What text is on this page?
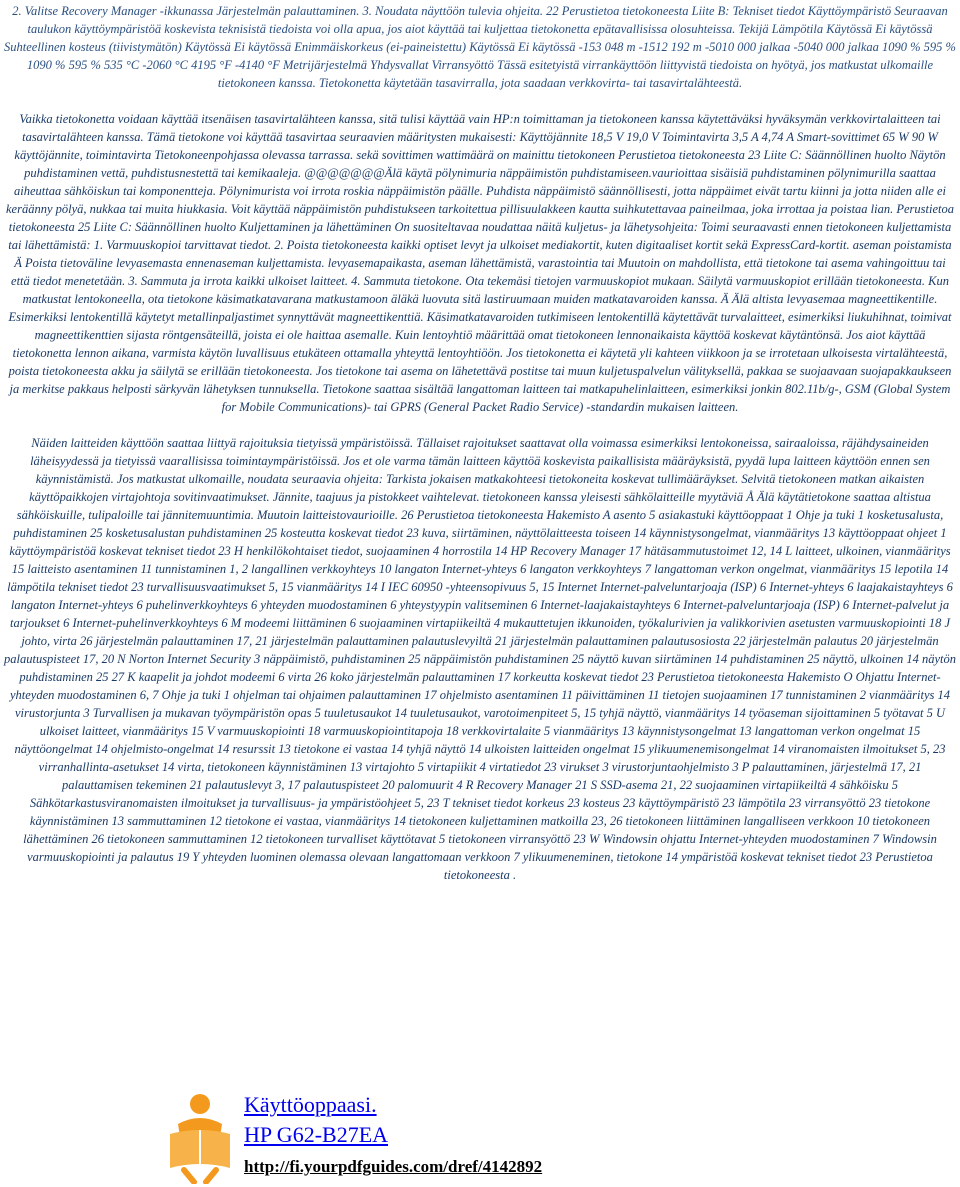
2. Valitse Recovery Manager -ikkunassa Järjestelmän palauttaminen. 3. Noudata näyttöön tulevia ohjeita. 22 Perustietoa tietokoneesta Liite B: Tekniset tiedot Käyttöympäristö Seuraavan taulukon käyttöympäristöä koskevista teknisistä tiedoista voi olla apua, jos aiot käyttää tai kuljettaa tietokonetta epätavallisissa olosuhteissa. Tekijä Lämpötila Käytössä Ei käytössä Suhteellinen kosteus (tiivistymätön) Käytössä Ei käytössä Enimmäiskorkeus (ei-paineistettu) Käytössä Ei käytössä -153 048 m -1512 192 m -5010 000 jalkaa -5040 000 jalkaa 1090 % 595 % 1090 % 595 % 535 °C -2060 °C 4195 °F -4140 °F Metrijärjestelmä Yhdysvallat Virransyöttö Tässä esitetyistä virrankäyttöön liittyvistä tiedoista on hyötyä, jos matkustat ulkomaille tietokoneen kanssa. Tietokonetta käytetään tasavirralla, jota saadaan verkkovirta- tai tasavirtalähteestä.

Vaikka tietokonetta voidaan käyttää itsenäisen tasavirtalähteen kanssa, sitä tulisi käyttää vain HP:n toimittaman ja tietokoneen kanssa käytettäväksi hyväksymän verkkovirtalaitteen tai tasavirtalähteen kanssa. Tämä tietokone voi käyttää tasavirtaa seuraavien määritysten mukaisesti: Käyttöjännite 18,5 V 19,0 V Toimintavirta 3,5 A 4,74 A Smart-sovittimet 65 W 90 W käyttöjännite, toimintavirta Tietokoneenpohjassa olevassa tarrassa. sekä sovittimen wattimäärä on mainittu tietokoneen Perustietoa tietokoneesta 23 Liite C: Säännöllinen huolto Näytön puhdistaminen vettä, puhdistusnestettä tai kemikaaleja. @@@@@@@Älä käytä pölynimuria näppäimistön puhdistamiseen.vaurioittaa sisäisiä puhdistaminen pölynimurilla saattaa aiheuttaa sähköiskun tai komponentteja. Pölynimurista voi irrota roskia näppäimistön päälle. Puhdista näppäimistö säännöllisesti, jotta näppäimet eivät tartu kiinni ja jotta niiden alle ei keräänny pölyä, nukkaa tai muita hiukkasia. Voit käyttää näppäimistön puhdistukseen tarkoitettua pillisuulakkeen kautta suihkutettavaa paineilmaa, joka irrottaa ja poistaa lian. Perustietoa tietokoneesta 25 Liite C: Säännöllinen huolto Kuljettaminen ja lähettäminen On suositeltavaa noudattaa näitä kuljetus- ja lähetysohjeita: Toimi seuraavasti ennen tietokoneen kuljettamista tai lähettämistä: 1. Varmuuskopioi tarvittavat tiedot. 2. Poista tietokoneesta kaikki optiset levyt ja ulkoiset mediakortit, kuten digitaaliset kortit sekä ExpressCard-kortit. aseman poistamista Ä Poista tietoväline levyasemasta ennenaseman kuljettamista. levyasemapaikasta, aseman lähettämistä, varastointia tai Muutoin on mahdollista, että tietokone tai asema vahingoittuu tai että tiedot menetetään. 3. Sammuta ja irrota kaikki ulkoiset laitteet. 4. Sammuta tietokone. Ota tekemäsi tietojen varmuuskopiot mukaan. Säilytä varmuuskopiot erillään tietokoneesta. Kun matkustat lentokoneella, ota tietokone käsimatkatavarana matkustamoon äläkä luovuta sitä lastiruumaan muiden matkatavaroiden kanssa. Ä Älä altista levyasemaa magneettikentille. Esimerkiksi lentokentillä käytetyt metallinpaljastimet synnyttävät magneettikenttiä. Käsimatkatavaroiden tutkimiseen lentokentillä käytettävät turvalaitteet, esimerkiksi liukuhihnat, toimivat magneettikenttien sijasta röntgensäteillä, joista ei ole haittaa asemalle. Kuin lentoyhtiö määrittää omat tietokoneen lennonaikaista käyttöä koskevat käytäntönsä. Jos aiot käyttää tietokonetta lennon aikana, varmista käytön luvallisuus etukäteen ottamalla yhteyttä lentoyhtiöön. Jos tietokonetta ei käytetä yli kahteen viikkoon ja se irrotetaan ulkoisesta virtalähteestä, poista tietokoneesta akku ja säilytä se erillään tietokoneesta. Jos tietokone tai asema on lähetettävä postitse tai muun kuljetuspalvelun välityksellä, pakkaa se suojaavaan suojapakkaukseen ja merkitse pakkaus helposti särkyvän lähetyksen tunnuksella. Tietokone saattaa sisältää langattoman laitteen tai matkapuhelinlaitteen, esimerkiksi jonkin 802.11b/g-, GSM (Global System for Mobile Communications)- tai GPRS (General Packet Radio Service) -standardin mukaisen laitteen.

Näiden laitteiden käyttöön saattaa liittyä rajoituksia tietyissä ympäristöissä. Tällaiset rajoitukset saattavat olla voimassa esimerkiksi lentokoneissa, sairaaloissa, räjähdysaineiden läheisyydessä ja tietyissä vaarallisissa toimintaympäristöissä. Jos et ole varma tämän laitteen käyttöä koskevista paikallisista määräyksistä, pyydä lupa laitteen käyttöön ennen sen käynnistämistä. Jos matkustat ulkomaille, noudata seuraavia ohjeita: Tarkista jokaisen matkakohteesi tietokoneita koskevat tullimääräykset. Selvitä tietokoneen matkan aikaisten käyttöpaikkojen virtajohtoja sovitinvaatimukset. Jännite, taajuus ja pistokkeet vaihtelevat. tietokoneen kanssa yleisesti sähkölaitteille myytäviä Å Älä käytätietokone saattaa altistua sähköiskuille, tulipaloille tai jännitemuuntimia. Muutoin laitteistovaurioille. 26 Perustietoa tietokoneesta Hakemisto A asento 5 asiakastuki käyttöoppaat 1 Ohje ja tuki 1 kosketusalusta, puhdistaminen 25 kosketusalustan puhdistaminen 25 kosteutta koskevat tiedot 23 kuva, siirtäminen, näyttölaitteesta toiseen 14 käynnistysongelmat, vianmääritys 13 käyttöoppaat ohjeet 1 käyttöympäristöä koskevat tekniset tiedot 23 H henkilökohtaiset tiedot, suojaaminen 4 horrostila 14 HP Recovery Manager 17 hätäsammutustoimet 12, 14 L laitteet, ulkoinen, vianmääritys 15 laitteisto asentaminen 11 tunnistaminen 1, 2 langallinen verkkoyhteys 10 langaton Internet-yhteys 6 langaton verkkoyhteys 7 langattoman verkon ongelmat, vianmääritys 15 lepotila 14 lämpötila tekniset tiedot 23 turvallisuusvaatimukset 5, 15 vianmääritys 14 I IEC 60950 -yhteensopivuus 5, 15 Internet Internet-palveluntarjoaja (ISP) 6 Internet-yhteys 6 laajakaistayhteys 6 langaton Internet-yhteys 6 puhelinverkkoyhteys 6 yhteyden muodostaminen 6 yhteystyypin valitseminen 6 Internet-laajakaistayhteys 6 Internet-palveluntarjoaja (ISP) 6 Internet-palvelut ja tarjoukset 6 Internet-puhelinverkkoyhteys 6 M modeemi liittäminen 6 suojaaminen virtapiikeiltä 4 mukauttetujen ikkunoiden, työkalurivien ja valikkorivien asetusten varmuuskopiointi 18 J johto, virta 26 järjestelmän palauttaminen 17, 21 järjestelmän palauttaminen palautuslevyiltä 21 järjestelmän palauttaminen palautusosiosta 22 järjestelmän palautus 20 järjestelmän palautuspisteet 17, 20 N Norton Internet Security 3 näppäimistö, puhdistaminen 25 näppäimistön puhdistaminen 25 näyttö kuvan siirtäminen 14 puhdistaminen 25 näyttö, ulkoinen 14 näytön puhdistaminen 25 27 K kaapelit ja johdot modeemi 6 virta 26 koko järjestelmän palauttaminen 17 korkeutta koskevat tiedot 23 Perustietoa tietokoneesta Hakemisto O Ohjattu Internet-yhteyden muodostaminen 6, 7 Ohje ja tuki 1 ohjelman tai ohjaimen palauttaminen 17 ohjelmisto asentaminen 11 päivittäminen 11 tietojen suojaaminen 17 tunnistaminen 2 vianmääritys 14 virustorjunta 3 Turvallisen ja mukavan työympäristön opas 5 tuuletusaukot 14 tuuletusaukot, varotoimenpiteet 5, 15 tyhjä näyttö, vianmääritys 14 työaseman sijoittaminen 5 työtavat 5 U ulkoiset laitteet, vianmääritys 15 V varmuuskopiointi 18 varmuuskopiointitapoja 18 verkkovirtalaite 5 vianmääritys 13 käynnistysongelmat 13 langattoman verkon ongelmat 15 näyttöongelmat 14 ohjelmisto-ongelmat 14 resurssit 13 tietokone ei vastaa 14 tyhjä näyttö 14 ulkoisten laitteiden ongelmat 15 ylikuumenemisongelmat 14 viranomaisten ilmoitukset 5, 23 virranhallinta-asetukset 14 virta, tietokoneen käynnistäminen 13 virtajohto 5 virtapiikit 4 virtatiedot 23 virukset 3 virustorjuntaohjelmisto 3 P palauttaminen, järjestelmä 17, 21 palauttamisen tekeminen 21 palautuslevyt 3, 17 palautuspisteet 20 palomuurit 4 R Recovery Manager 21 S SSD-asema 21, 22 suojaaminen virtapiikeiltä 4 sähköisku 5 Sähkötarkastusviranomaisten ilmoitukset ja turvallisuus- ja ympäristöohjeet 5, 23 T tekniset tiedot korkeus 23 kosteus 23 käyttöympäristö 23 lämpötila 23 virransyöttö 23 tietokone käynnistäminen 13 sammuttaminen 12 tietokone ei vastaa, vianmääritys 14 tietokoneen kuljettaminen matkoilla 23, 26 tietokoneen liittäminen langalliseen verkkoon 10 tietokoneen lähettäminen 26 tietokoneen sammuttaminen 12 tietokoneen turvalliset käyttötavat 5 tietokoneen virransyöttö 23 W Windowsin ohjattu Internet-yhteyden muodostaminen 7 Windowsin varmuuskopiointi ja palautus 19 Y yhteyden luominen olemassa olevaan langattomaan verkkoon 7 ylikuumeneminen, tietokone 14 ympäristöä koskevat tekniset tiedot 23 Perustietoa tietokoneesta .

Käyttöoppaasi.
HP G62-B27EA
http://fi.yourpdfguides.com/dref/4142892
